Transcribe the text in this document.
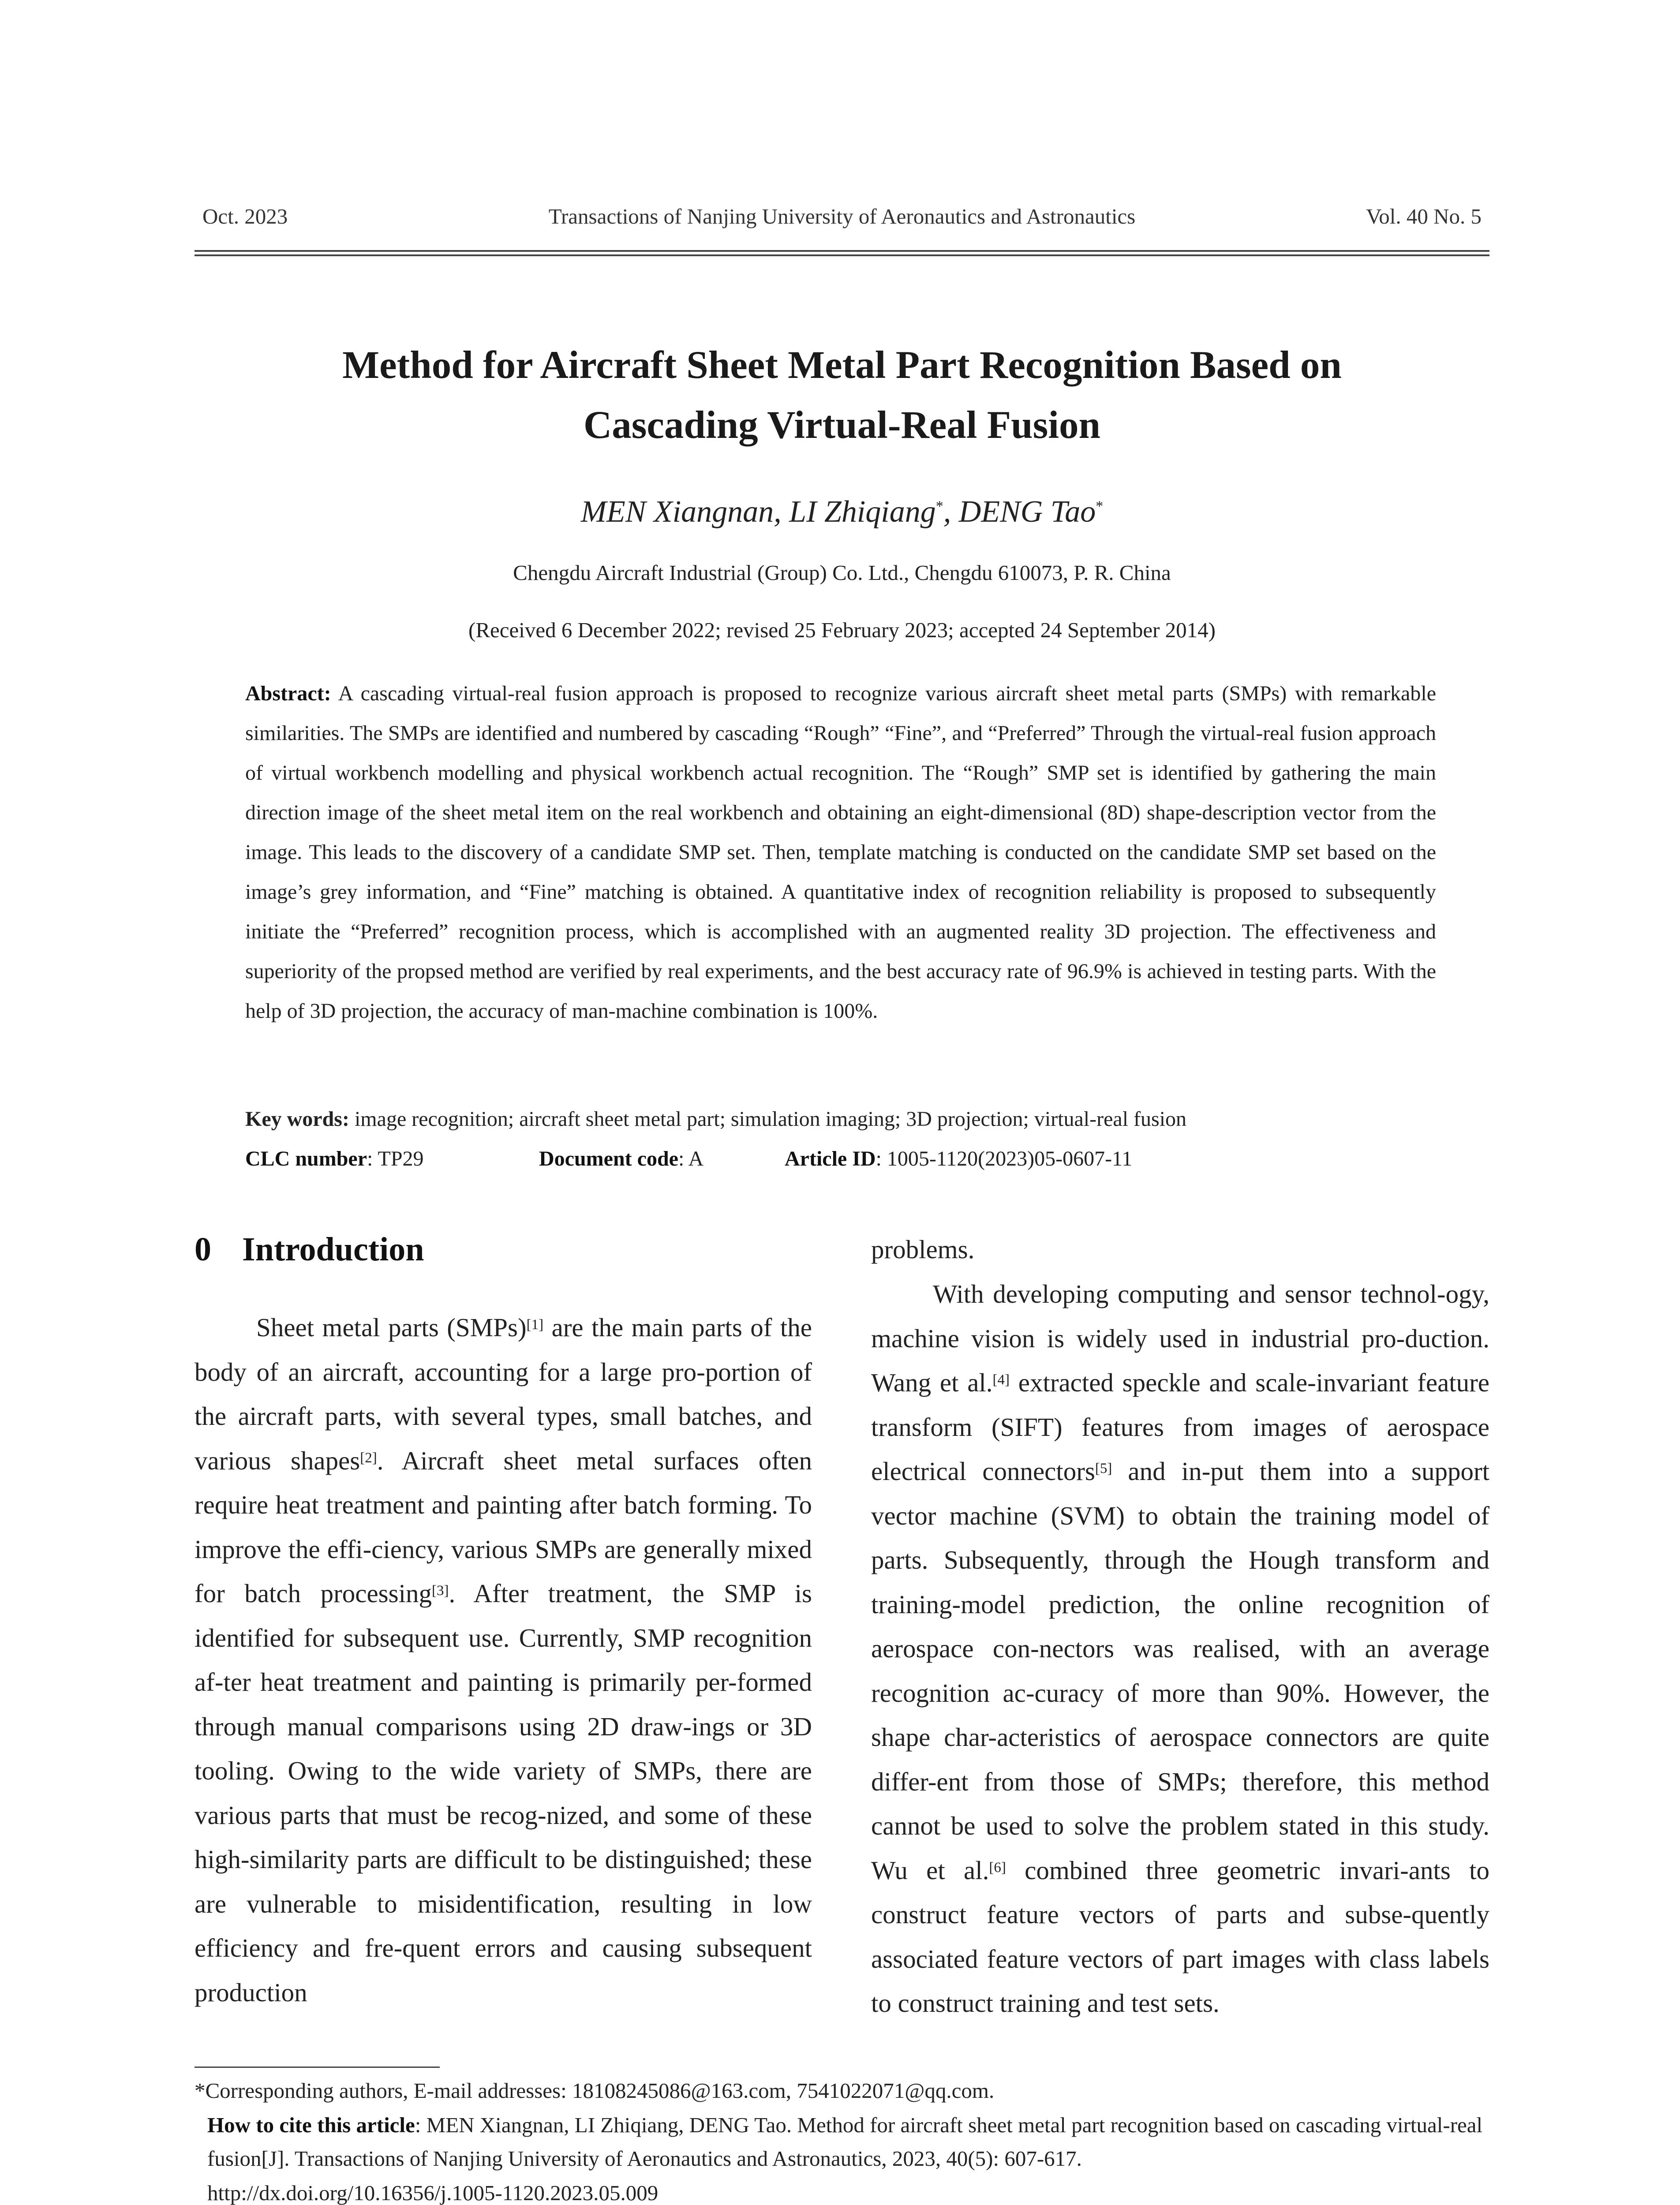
Oct. 2023	Transactions of Nanjing University of Aeronautics and Astronautics	Vol. 40 No. 5
Method for Aircraft Sheet Metal Part Recognition Based on
Cascading Virtual-Real Fusion
MEN Xiangnan, LI Zhiqiang*, DENG Tao*
Chengdu Aircraft Industrial (Group) Co. Ltd., Chengdu 610073, P. R. China
(Received 6 December 2022; revised 25 February 2023; accepted 24 September 2014)
Abstract: A cascading virtual-real fusion approach is proposed to recognize various aircraft sheet metal parts (SMPs) with remarkable similarities. The SMPs are identified and numbered by cascading “Rough” “Fine”, and “Preferred” Through the virtual-real fusion approach of virtual workbench modelling and physical workbench actual recognition. The “Rough” SMP set is identified by gathering the main direction image of the sheet metal item on the real workbench and obtaining an eight-dimensional (8D) shape-description vector from the image. This leads to the discovery of a candidate SMP set. Then, template matching is conducted on the candidate SMP set based on the image’s grey information, and “Fine” matching is obtained. A quantitative index of recognition reliability is proposed to subsequently initiate the “Preferred” recognition process, which is accomplished with an augmented reality 3D projection. The effectiveness and superiority of the propsed method are verified by real experiments, and the best accuracy rate of 96.9% is achieved in testing parts. With the help of 3D projection, the accuracy of man-machine combination is 100%.
Key words: image recognition; aircraft sheet metal part; simulation imaging; 3D projection; virtual-real fusion
CLC number : TP29	Document code : A	Article ID : 1005-1120(2023)05-0607-11
0 Introduction
Sheet metal parts (SMPs)[1] are the main parts of the body of an aircraft, accounting for a large pro-portion of the aircraft parts, with several types, small batches, and various shapes[2]. Aircraft sheet metal surfaces often require heat treatment and painting after batch forming. To improve the effi-ciency, various SMPs are generally mixed for batch processing[3]. After treatment, the SMP is identified for subsequent use. Currently, SMP recognition af-ter heat treatment and painting is primarily per-formed through manual comparisons using 2D draw-ings or 3D tooling. Owing to the wide variety of SMPs, there are various parts that must be recog-nized, and some of these high-similarity parts are difficult to be distinguished; these are vulnerable to misidentification, resulting in low efficiency and fre-quent errors and causing subsequent production
problems.
With developing computing and sensor technol-ogy, machine vision is widely used in industrial pro-duction. Wang et al.[4] extracted speckle and scale-invariant feature transform (SIFT) features from images of aerospace electrical connectors[5] and in-put them into a support vector machine (SVM) to obtain the training model of parts. Subsequently, through the Hough transform and training-model prediction, the online recognition of aerospace con-nectors was realised, with an average recognition ac-curacy of more than 90%. However, the shape char-acteristics of aerospace connectors are quite differ-ent from those of SMPs; therefore, this method cannot be used to solve the problem stated in this study. Wu et al.[6] combined three geometric invari-ants to construct feature vectors of parts and subse-quently associated feature vectors of part images with class labels to construct training and test sets.
*Corresponding authors, E-mail addresses: 18108245086@163.com, 7541022071@qq.com.
How to cite this article: MEN Xiangnan, LI Zhiqiang, DENG Tao. Method for aircraft sheet metal part recognition based on cascading virtual-real fusion[J]. Transactions of Nanjing University of Aeronautics and Astronautics, 2023, 40(5): 607-617.
http://dx.doi.org/10.16356/j.1005-1120.2023.05.009
